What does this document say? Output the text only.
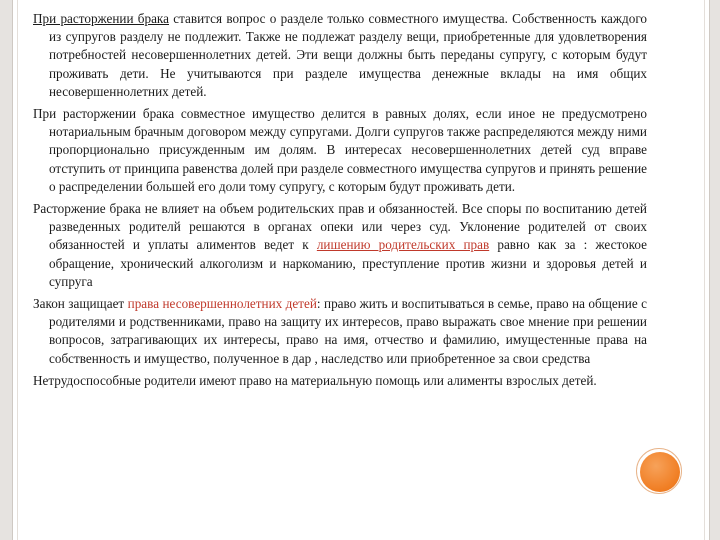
При расторжении брака ставится вопрос о разделе только совместного имущества. Собственность каждого из супругов разделу не подлежит. Также не подлежат разделу вещи, приобретенные для удовлетворения потребностей несовершеннолетних детей. Эти вещи должны быть переданы супругу, с которым будут проживать дети. Не учитываются при разделе имущества денежные вклады на имя общих несовершеннолетних детей.

При расторжении брака совместное имущество делится в равных долях, если иное не предусмотрено нотариальным брачным договором между супругами. Долги супругов также распределяются между ними пропорционально присужденным им долям. В интересах несовершеннолетних детей суд вправе отступить от принципа равенства долей при разделе совместного имущества супругов и принять решение о распределении большей его доли тому супругу, с которым будут проживать дети.

Расторжение брака не влияет на объем родительских прав и обязанностей. Все споры по воспитанию детей разведенных родителй решаются в органах опеки или через суд. Уклонение родителей от своих обязанностей и уплаты алиментов ведет к лишению родительских прав равно как за : жестокое обращение, хронический алкоголизм и наркоманию, преступление против жизни и здоровья детей и супруга

Закон защищает права несовершеннолетних детей: право жить и воспитываться в семье, право на общение с родителями и родственниками, право на защиту их интересов, право выражать свое мнение при решении вопросов, затрагивающих их интересы, право на имя, отчество и фамилию, имущестенные права на собственность и имущество, полученное в дар , наследство или приобретенное за свои средства

Нетрудоспособные родители имеют право на материальную помощь или алименты взрослых детей.
